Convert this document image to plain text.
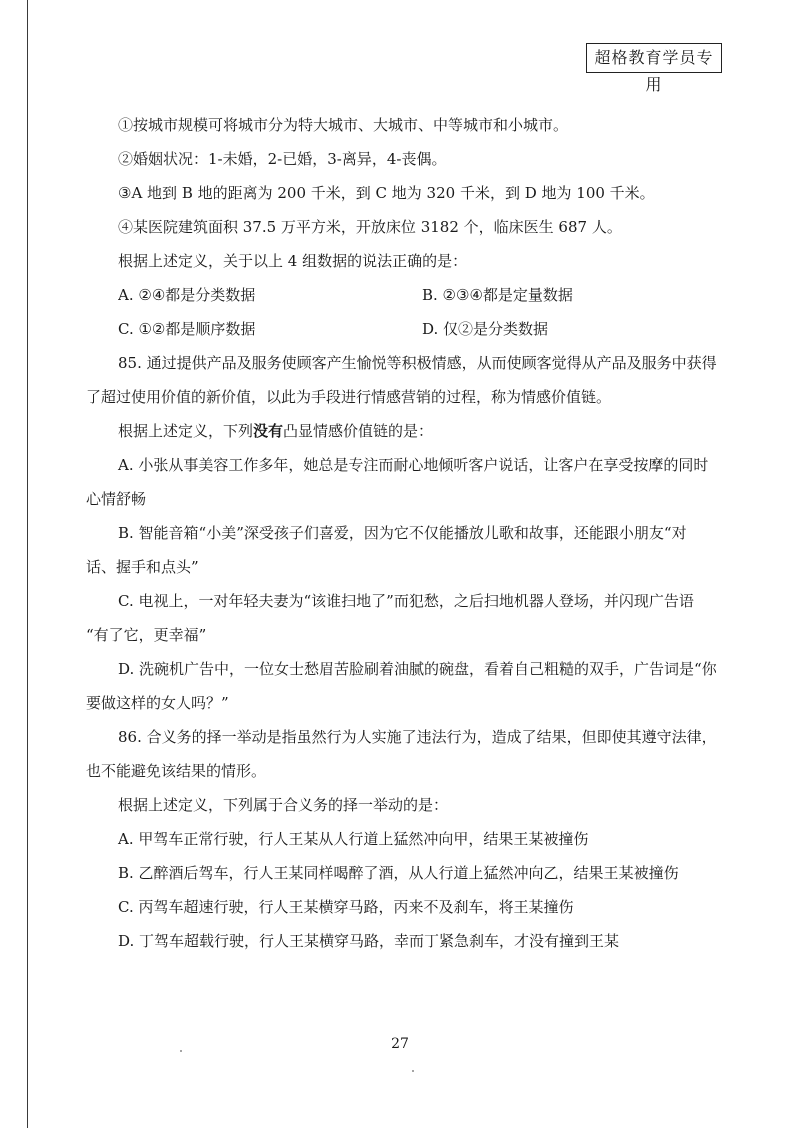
超格教育学员专用
①按城市规模可将城市分为特大城市、大城市、中等城市和小城市。
②婚姻状况：1-未婚，2-已婚，3-离异，4-丧偶。
③A 地到 B 地的距离为 200 千米，到 C 地为 320 千米，到 D 地为 100 千米。
④某医院建筑面积 37.5 万平方米，开放床位 3182 个，临床医生 687 人。
根据上述定义，关于以上 4 组数据的说法正确的是：
A. ②④都是分类数据	B. ②③④都是定量数据
C. ①②都是顺序数据	D. 仅②是分类数据
85. 通过提供产品及服务使顾客产生愉悦等积极情感，从而使顾客觉得从产品及服务中获得
了超过使用价值的新价值，以此为手段进行情感营销的过程，称为情感价值链。
根据上述定义，下列没有凸显情感价值链的是：
A. 小张从事美容工作多年，她总是专注而耐心地倾听客户说话，让客户在享受按摩的同时
心情舒畅
B. 智能音箱“小美”深受孩子们喜爱，因为它不仅能播放儿歌和故事，还能跟小朋友“对
话、握手和点头”
C. 电视上，一对年轻夫妻为“该谁扫地了”而犯愁，之后扫地机器人登场，并闪现广告语
“有了它，更幸福”
D. 洗碗机广告中，一位女士愁眉苦脸刷着油腻的碗盘，看着自己粗糙的双手，广告词是“你
要做这样的女人吗？”
86. 合义务的择一举动是指虽然行为人实施了违法行为，造成了结果，但即使其遵守法律，
也不能避免该结果的情形。
根据上述定义，下列属于合义务的择一举动的是：
A. 甲驾车正常行驶，行人王某从人行道上猛然冲向甲，结果王某被撞伤
B. 乙醉酒后驾车，行人王某同样喝醉了酒，从人行道上猛然冲向乙，结果王某被撞伤
C. 丙驾车超速行驶，行人王某横穿马路，丙来不及刹车，将王某撞伤
D. 丁驾车超载行驶，行人王某横穿马路，幸而丁紧急刹车，才没有撞到王某
27
